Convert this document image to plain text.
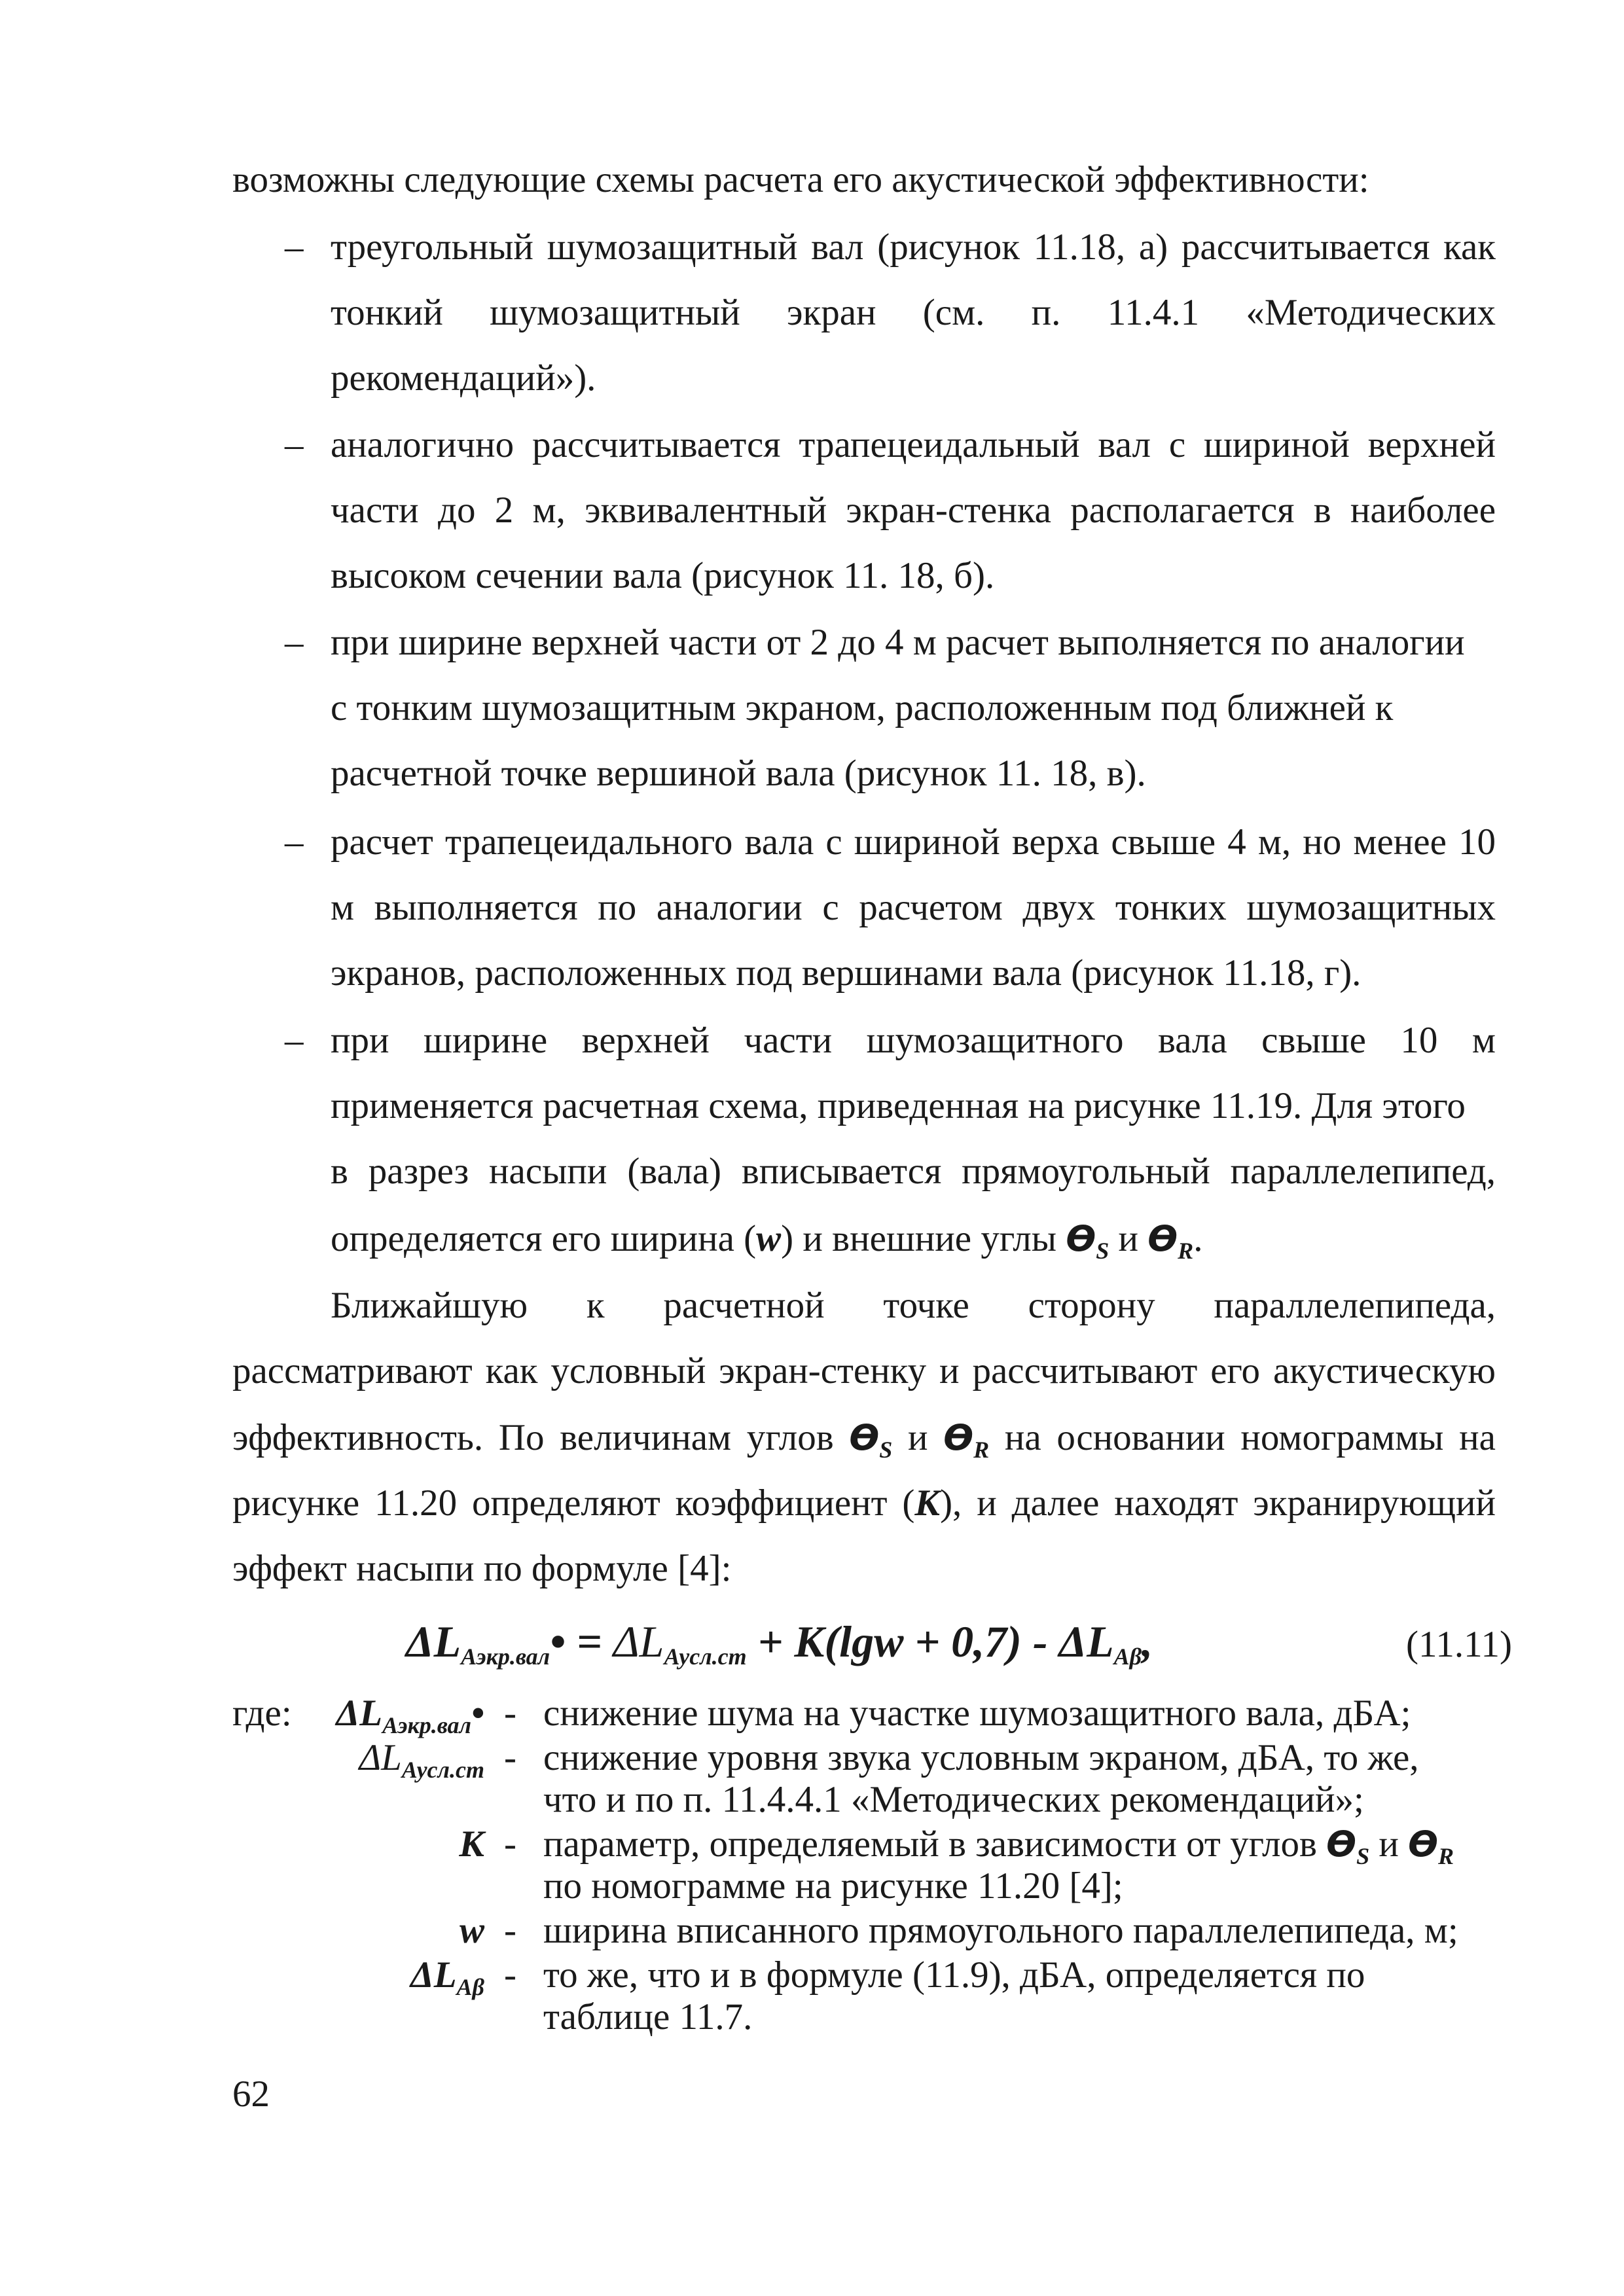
возможны следующие схемы расчета его акустической эффективности:
– треугольный шумозащитный вал (рисунок 11.18, а) рассчитывается как
тонкий шумозащитный экран (см. п. 11.4.1 «Методических
рекомендаций»).
– аналогично рассчитывается трапецеидальный вал с шириной верхней
части до 2 м, эквивалентный экран-стенка располагается в наиболее
высоком сечении вала (рисунок 11. 18, б).
– при ширине верхней части от 2 до 4 м расчет выполняется по аналогии
с тонким шумозащитным экраном, расположенным под ближней к
расчетной точке вершиной вала (рисунок 11. 18, в).
– расчет трапецеидального вала с шириной верха свыше 4 м, но менее 10
м выполняется по аналогии с расчетом двух тонких шумозащитных
экранов, расположенных под вершинами вала (рисунок 11.18, г).
– при ширине верхней части шумозащитного вала свыше 10 м
применяется расчетная схема, приведенная на рисунке 11.19. Для этого
в разрез насыпи (вала) вписывается прямоугольный параллелепипед,
определяется его ширина (w) и внешние углы $ϴ_S$ и $ϴ_R$.
Ближайшую к расчетной точке сторону параллелепипеда,
рассматривают как условный экран-стенку и рассчитывают его акустическую
эффективность. По величинам углов $ϴ_S$ и $ϴ_R$ на основании номограммы на
рисунке 11.20 определяют коэффициент (К), и далее находят экранирующий
эффект насыпи по формуле [4]:
$\Delta L_{Аэкр.вал}• = \Delta L_{Аусл.ст} + К(\lg w + 0,7) - \Delta L_{А\beta}$,	(11.11)
где:	$\Delta L_{Аэкр.вал}•$ - снижение шума на участке шумозащитного вала, дБА;
$\Delta L_{Аусл.ст}$ - снижение уровня звука условным экраном, дБА, то же,
что и по п. 11.4.4.1 «Методических рекомендаций»;
К - параметр, определяемый в зависимости от углов $ϴ_S$ и $ϴ_R$
по номограмме на рисунке 11.20 [4];
w - ширина вписанного прямоугольного параллелепипеда, м;
$\Delta L_{А\beta}$ - то же, что и в формуле (11.9), дБА, определяется по
таблице 11.7.
62
